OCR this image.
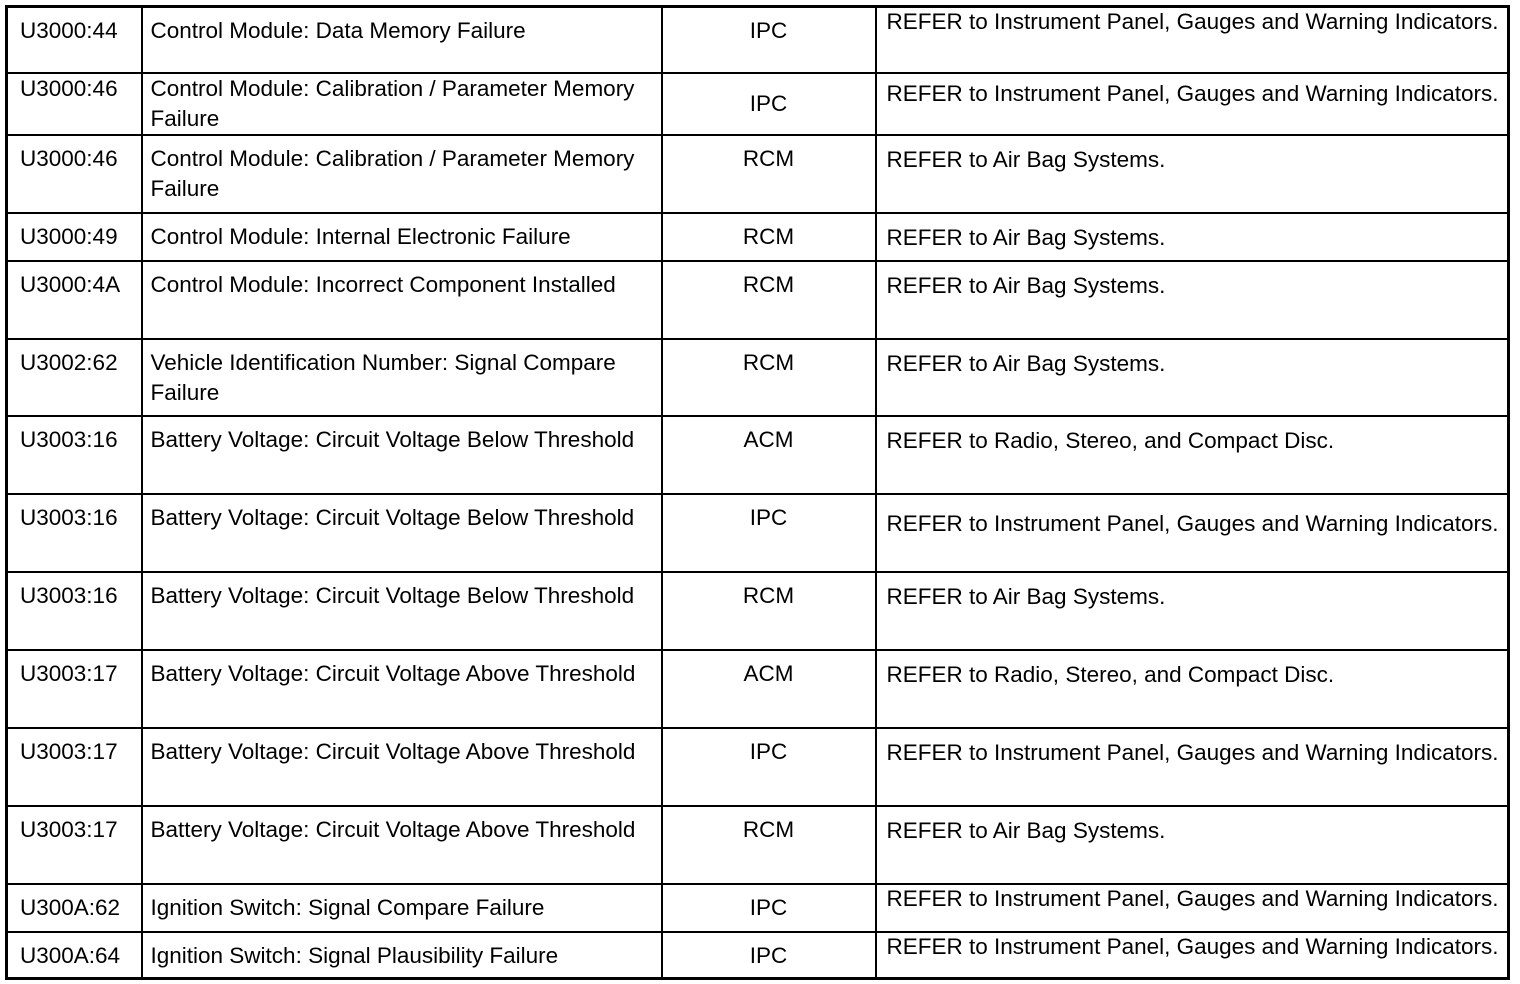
U3000:44	Control Module: Data Memory Failure	IPC	REFER to Instrument Panel, Gauges and Warning Indicators.
U3000:46	Control Module: Calibration / Parameter Memory Failure	IPC	REFER to Instrument Panel, Gauges and Warning Indicators.
U3000:46	Control Module: Calibration / Parameter Memory Failure	RCM	REFER to Air Bag Systems.
U3000:49	Control Module: Internal Electronic Failure	RCM	REFER to Air Bag Systems.
U3000:4A	Control Module: Incorrect Component Installed	RCM	REFER to Air Bag Systems.
U3002:62	Vehicle Identification Number: Signal Compare Failure	RCM	REFER to Air Bag Systems.
U3003:16	Battery Voltage: Circuit Voltage Below Threshold	ACM	REFER to Radio, Stereo, and Compact Disc.
U3003:16	Battery Voltage: Circuit Voltage Below Threshold	IPC	REFER to Instrument Panel, Gauges and Warning Indicators.
U3003:16	Battery Voltage: Circuit Voltage Below Threshold	RCM	REFER to Air Bag Systems.
U3003:17	Battery Voltage: Circuit Voltage Above Threshold	ACM	REFER to Radio, Stereo, and Compact Disc.
U3003:17	Battery Voltage: Circuit Voltage Above Threshold	IPC	REFER to Instrument Panel, Gauges and Warning Indicators.
U3003:17	Battery Voltage: Circuit Voltage Above Threshold	RCM	REFER to Air Bag Systems.
U300A:62	Ignition Switch: Signal Compare Failure	IPC	REFER to Instrument Panel, Gauges and Warning Indicators.
U300A:64	Ignition Switch: Signal Plausibility Failure	IPC	REFER to Instrument Panel, Gauges and Warning Indicators.
